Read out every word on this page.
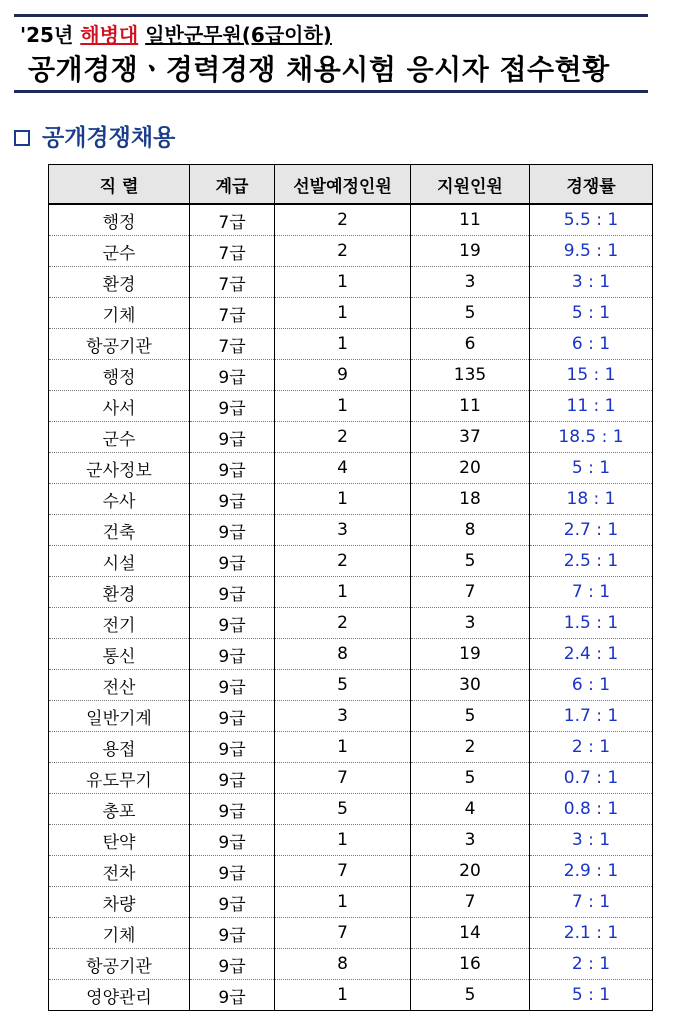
'25년 해병대 일반군무원(6급이하)
공개경쟁ㆍ경력경쟁 채용시험 응시자 접수현황
공개경쟁채용
직 렬	계급	선발예정인원	지원인원	경쟁률
행정	7급	2	11	5.5 : 1
군수	7급	2	19	9.5 : 1
환경	7급	1	3	3 : 1
기체	7급	1	5	5 : 1
항공기관	7급	1	6	6 : 1
행정	9급	9	135	15 : 1
사서	9급	1	11	11 : 1
군수	9급	2	37	18.5 : 1
군사정보	9급	4	20	5 : 1
수사	9급	1	18	18 : 1
건축	9급	3	8	2.7 : 1
시설	9급	2	5	2.5 : 1
환경	9급	1	7	7 : 1
전기	9급	2	3	1.5 : 1
통신	9급	8	19	2.4 : 1
전산	9급	5	30	6 : 1
일반기계	9급	3	5	1.7 : 1
용접	9급	1	2	2 : 1
유도무기	9급	7	5	0.7 : 1
총포	9급	5	4	0.8 : 1
탄약	9급	1	3	3 : 1
전차	9급	7	20	2.9 : 1
차량	9급	1	7	7 : 1
기체	9급	7	14	2.1 : 1
항공기관	9급	8	16	2 : 1
영양관리	9급	1	5	5 : 1
